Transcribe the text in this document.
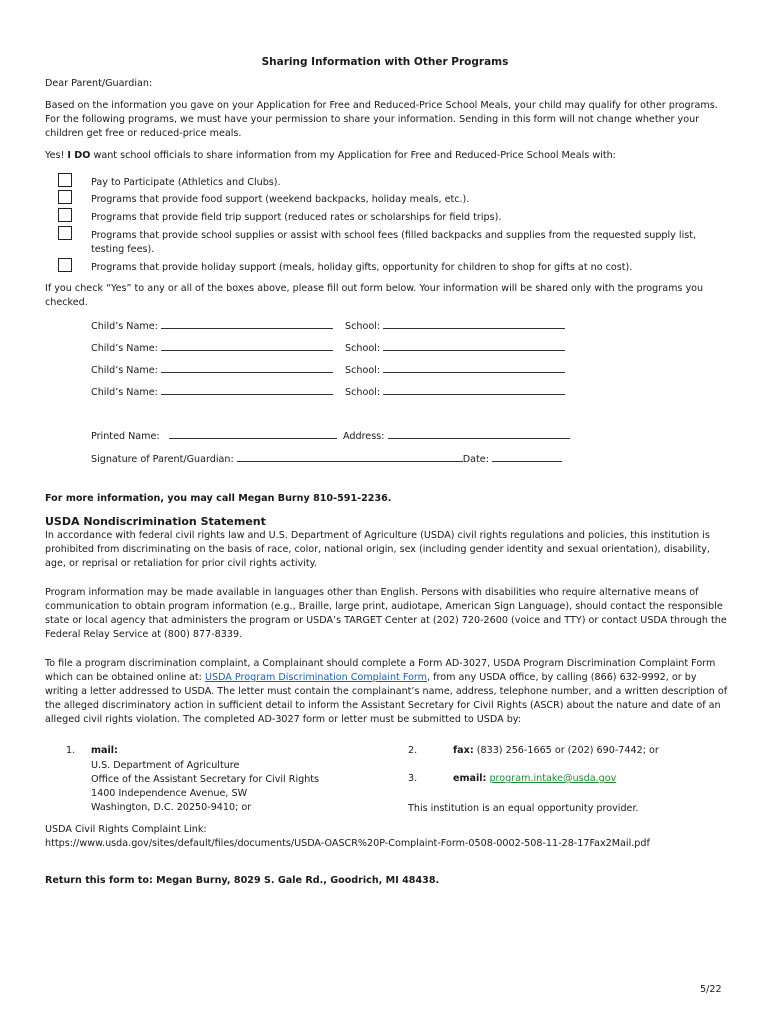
Sharing Information with Other Programs
Dear Parent/Guardian:
Based on the information you gave on your Application for Free and Reduced-Price School Meals, your child may qualify for other programs. For the following programs, we must have your permission to share your information. Sending in this form will not change whether your children get free or reduced-price meals.
Yes! I DO want school officials to share information from my Application for Free and Reduced-Price School Meals with:
Pay to Participate (Athletics and Clubs).
Programs that provide food support (weekend backpacks, holiday meals, etc.).
Programs that provide field trip support (reduced rates or scholarships for field trips).
Programs that provide school supplies or assist with school fees (filled backpacks and supplies from the requested supply list, testing fees).
Programs that provide holiday support (meals, holiday gifts, opportunity for children to shop for gifts at no cost).
If you check “Yes” to any or all of the boxes above, please fill out form below. Your information will be shared only with the programs you checked.
Child’s Name:	School:
Child’s Name:	School:
Child’s Name:	School:
Child’s Name:	School:
Printed Name:	Address:
Signature of Parent/Guardian:	Date:
For more information, you may call Megan Burny 810-591-2236.
USDA Nondiscrimination Statement
In accordance with federal civil rights law and U.S. Department of Agriculture (USDA) civil rights regulations and policies, this institution is prohibited from discriminating on the basis of race, color, national origin, sex (including gender identity and sexual orientation), disability, age, or reprisal or retaliation for prior civil rights activity.
Program information may be made available in languages other than English. Persons with disabilities who require alternative means of communication to obtain program information (e.g., Braille, large print, audiotape, American Sign Language), should contact the responsible state or local agency that administers the program or USDA’s TARGET Center at (202) 720-2600 (voice and TTY) or contact USDA through the Federal Relay Service at (800) 877-8339.
To file a program discrimination complaint, a Complainant should complete a Form AD-3027, USDA Program Discrimination Complaint Form which can be obtained online at: USDA Program Discrimination Complaint Form, from any USDA office, by calling (866) 632-9992, or by writing a letter addressed to USDA. The letter must contain the complainant’s name, address, telephone number, and a written description of the alleged discriminatory action in sufficient detail to inform the Assistant Secretary for Civil Rights (ASCR) about the nature and date of an alleged civil rights violation. The completed AD-3027 form or letter must be submitted to USDA by:
1. mail:
U.S. Department of Agriculture
Office of the Assistant Secretary for Civil Rights
1400 Independence Avenue, SW
Washington, D.C. 20250-9410; or
2.	fax: (833) 256-1665 or (202) 690-7442; or
3.	email: program.intake@usda.gov
This institution is an equal opportunity provider.
USDA Civil Rights Complaint Link:
https://www.usda.gov/sites/default/files/documents/USDA-OASCR%20P-Complaint-Form-0508-0002-508-11-28-17Fax2Mail.pdf
Return this form to: Megan Burny, 8029 S. Gale Rd., Goodrich, MI 48438.
5/22
